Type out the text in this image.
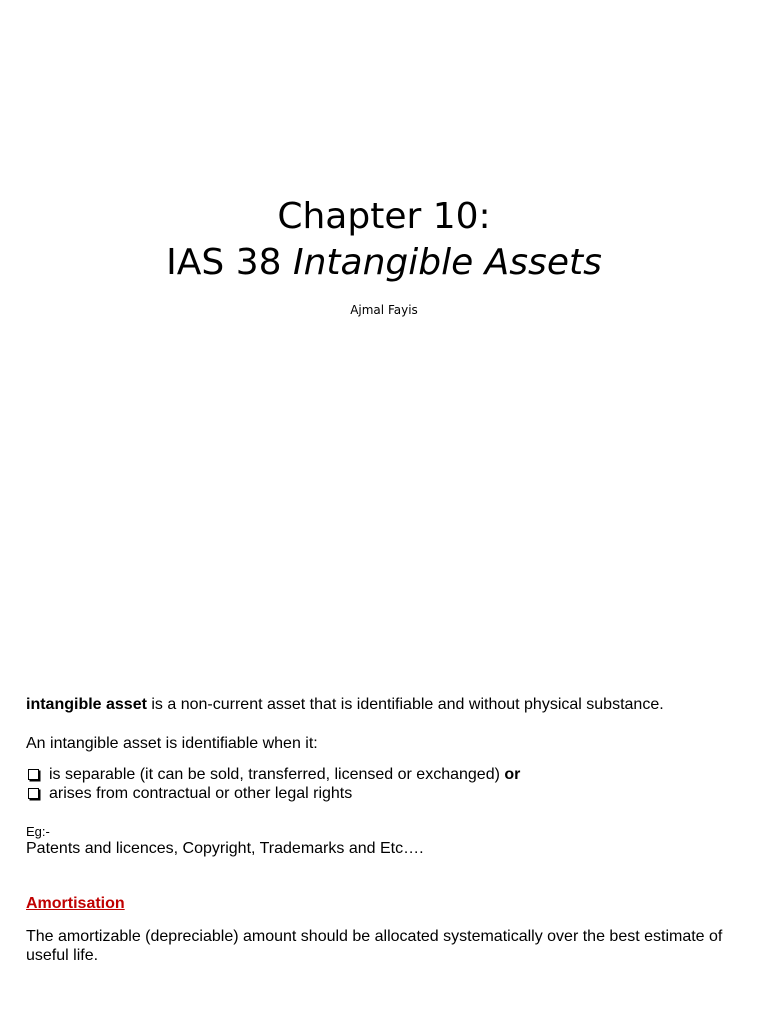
Chapter 10:
IAS 38 Intangible Assets
Ajmal Fayis
intangible asset is a non-current asset that is identifiable and without physical substance.
An intangible asset is identifiable when it:
is separable (it can be sold, transferred, licensed or exchanged) or
arises from contractual or other legal rights
Eg:-
Patents and licences, Copyright, Trademarks and Etc….
Amortisation
The amortizable (depreciable) amount should be allocated systematically over the best estimate of useful life.
